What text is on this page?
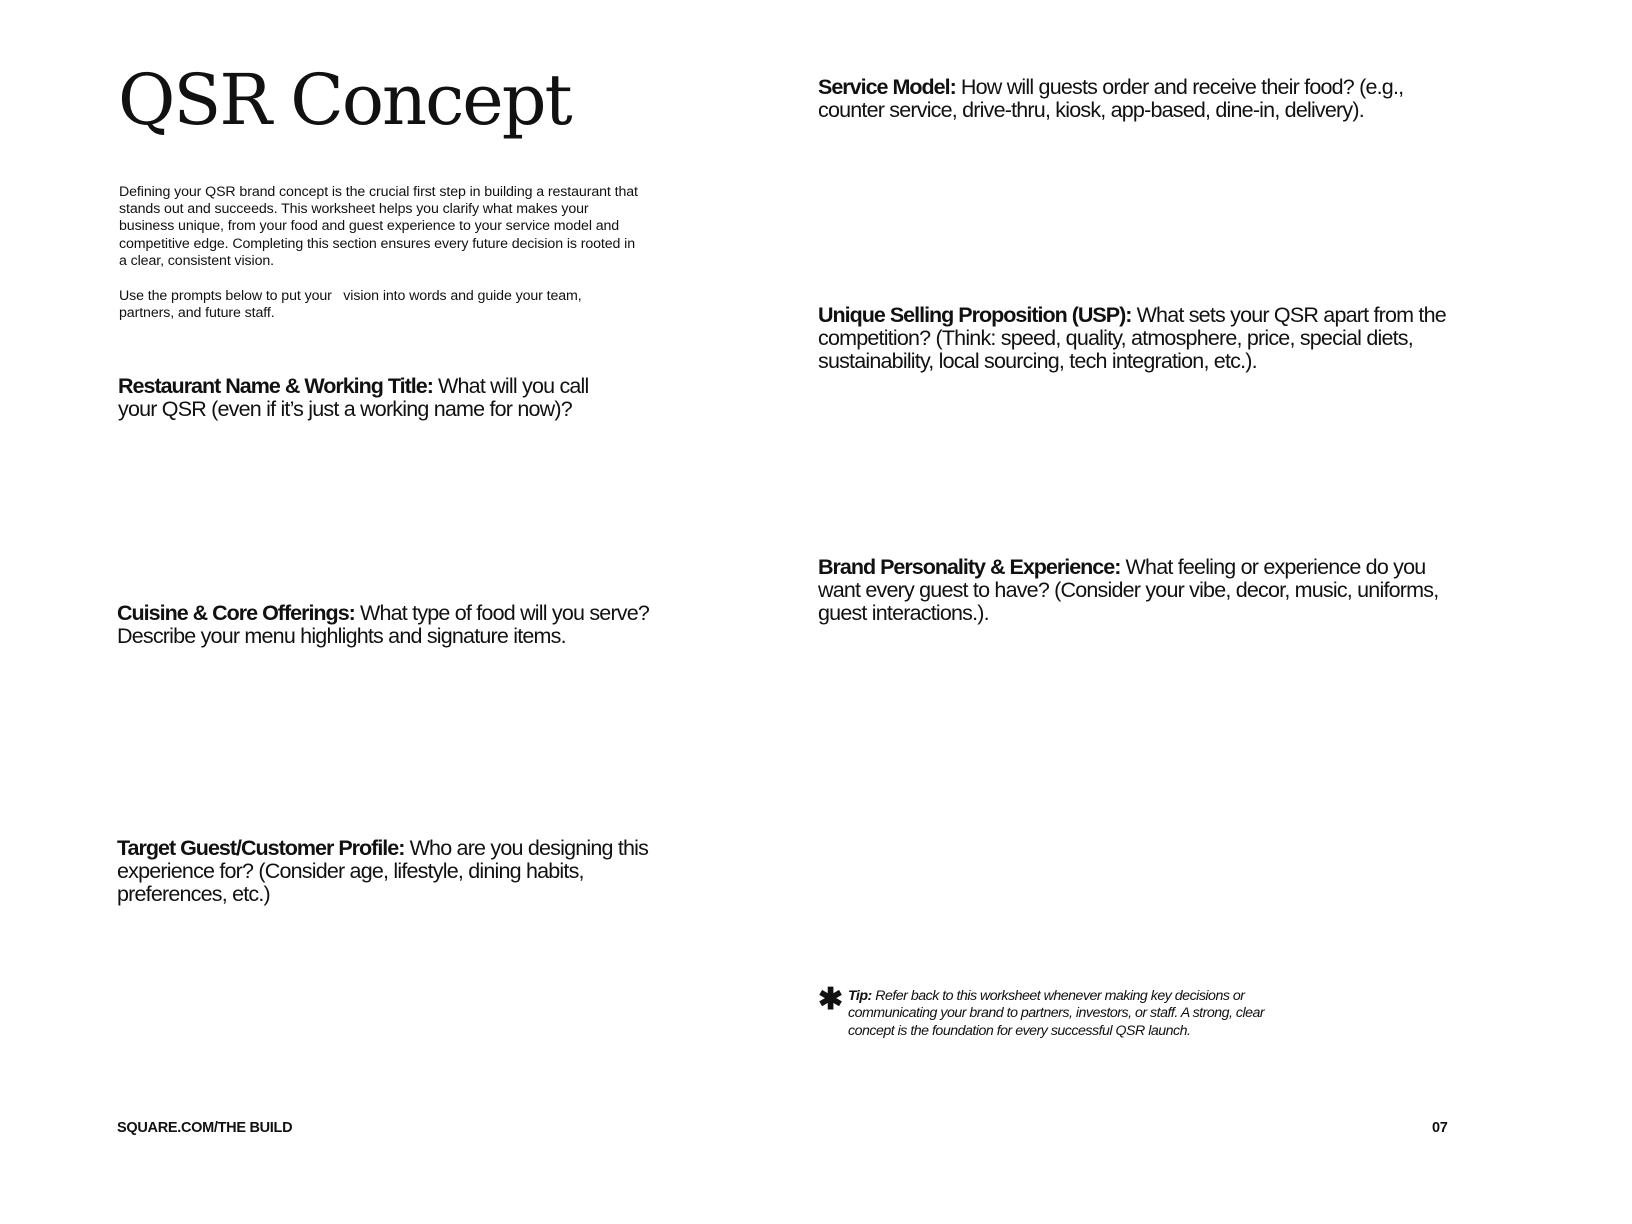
QSR Concept

Defining your QSR brand concept is the crucial first step in building a restaurant that stands out and succeeds. This worksheet helps you clarify what makes your business unique, from your food and guest experience to your service model and competitive edge. Completing this section ensures every future decision is rooted in a clear, consistent vision.

Use the prompts below to put your   vision into words and guide your team, partners, and future staff.

Restaurant Name & Working Title: What will you call your QSR (even if it’s just a working name for now)?

Cuisine & Core Offerings: What type of food will you serve? Describe your menu highlights and signature items.

Target Guest/Customer Profile: Who are you designing this experience for? (Consider age, lifestyle, dining habits, preferences, etc.)

Service Model: How will guests order and receive their food? (e.g., counter service, drive-thru, kiosk, app-based, dine-in, delivery).

Unique Selling Proposition (USP): What sets your QSR apart from the competition? (Think: speed, quality, atmosphere, price, special diets, sustainability, local sourcing, tech integration, etc.).

Brand Personality & Experience: What feeling or experience do you want every guest to have? (Consider your vibe, decor, music, uniforms, guest interactions.).

✱ Tip: Refer back to this worksheet whenever making key decisions or communicating your brand to partners, investors, or staff. A strong, clear concept is the foundation for every successful QSR launch.

SQUARE.COM/THE BUILD	07
